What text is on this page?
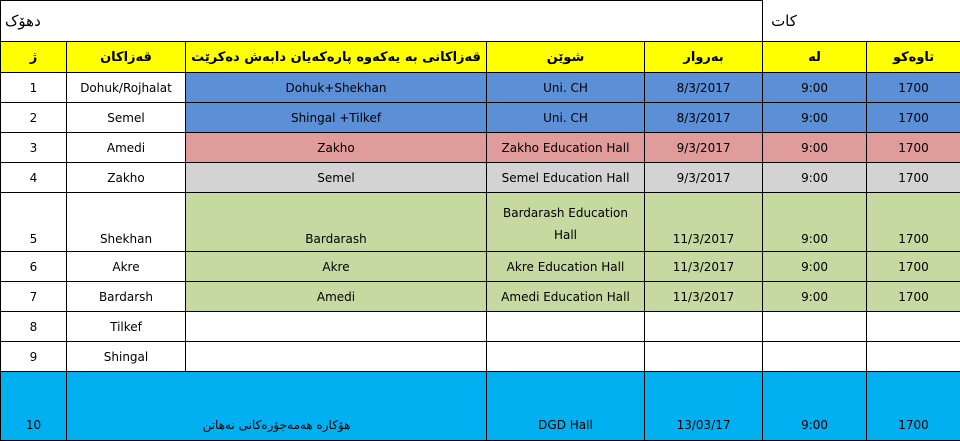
دهۆک					کات	
ژ	قەزاكان	قەزاكانی بە یەكەوە پارەكەیان دابەش دەكرێت	شوێن	بەروار	لە	تاوەكو
1	Dohuk/Rojhalat	Dohuk+Shekhan	Uni. CH	8/3/2017	9:00	1700
2	Semel	Shingal +Tilkef	Uni. CH	8/3/2017	9:00	1700
3	Amedi	Zakho	Zakho Education Hall	9/3/2017	9:00	1700
4	Zakho	Semel	Semel Education Hall	9/3/2017	9:00	1700
5	Shekhan	Bardarash	Bardarash Education
Hall	11/3/2017	9:00	1700
6	Akre	Akre	Akre Education Hall	11/3/2017	9:00	1700
7	Bardarsh	Amedi	Amedi Education Hall	11/3/2017	9:00	1700
8	Tilkef					
9	Shingal					
10	هۆكارە هەمەجۆرەكانی نەهاتن		DGD Hall	13/03/17	9:00	1700
